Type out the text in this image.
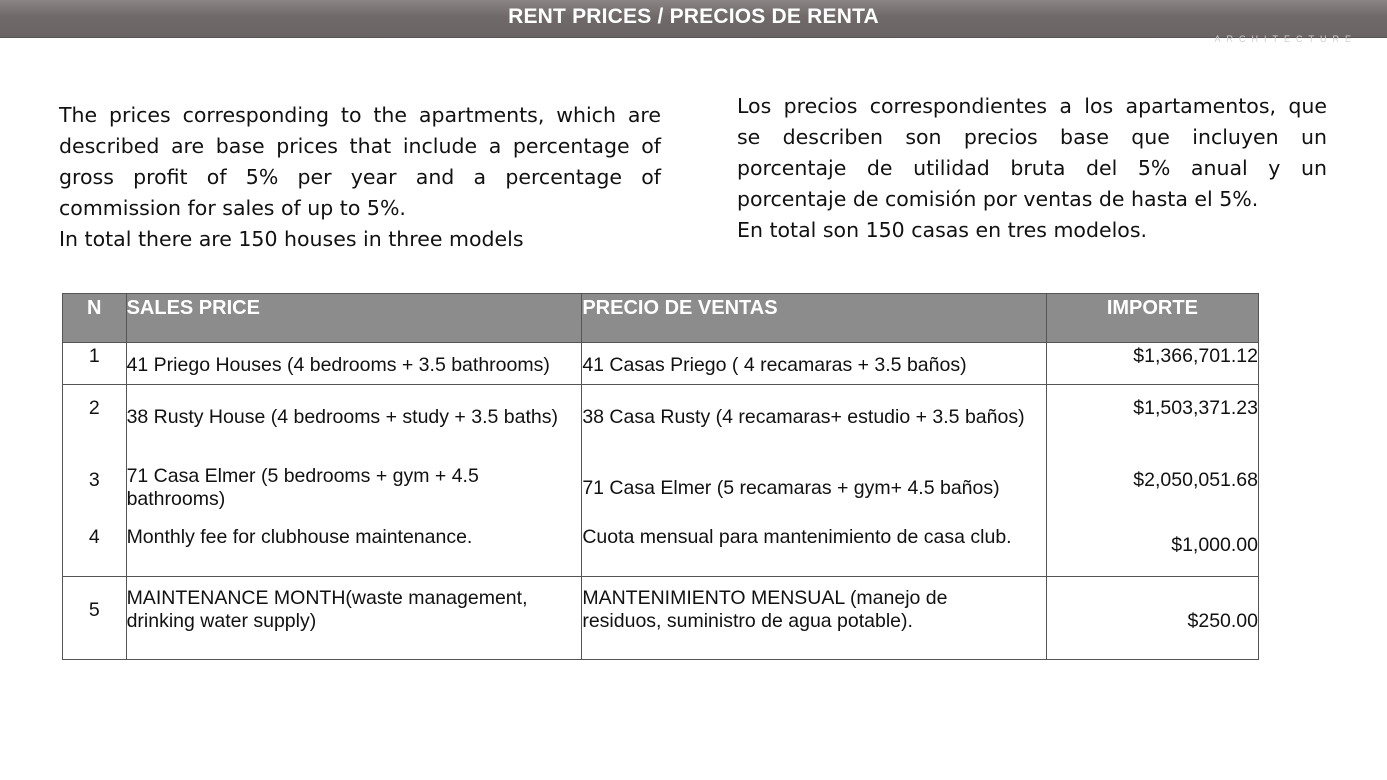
RENT PRICES / PRECIOS DE RENTA
ARCHITECTURE
The prices corresponding to the apartments, which are
described are base prices that include a percentage of
gross profit of 5% per year and a percentage of
commission for sales of up to 5%.
In total there are 150 houses in three models
Los precios correspondientes a los apartamentos, que
se describen son precios base que incluyen un
porcentaje de utilidad bruta del 5% anual y un
porcentaje de comisión por ventas de hasta el 5%.
En total son 150 casas en tres modelos.
N	SALES PRICE	PRECIO DE VENTAS	IMPORTE

1	41 Priego Houses (4 bedrooms + 3.5 bathrooms)	41 Casas Priego ( 4 recamaras + 3.5 baños)	$1,366,701.12

2	38 Rusty House (4 bedrooms + study + 3.5 baths)	38 Casa Rusty (4 recamaras+ estudio + 3.5 baños)	$1,503,371.23

3	71 Casa Elmer (5 bedrooms + gym + 4.5 bathrooms)	71 Casa Elmer (5 recamaras + gym+ 4.5 baños)	$2,050,051.68

4	Monthly fee for clubhouse maintenance.	Cuota mensual para mantenimiento de casa club.	$1,000.00

5	MAINTENANCE MONTH(waste management, drinking water supply)	MANTENIMIENTO MENSUAL (manejo de residuos, suministro de agua potable).	$250.00
